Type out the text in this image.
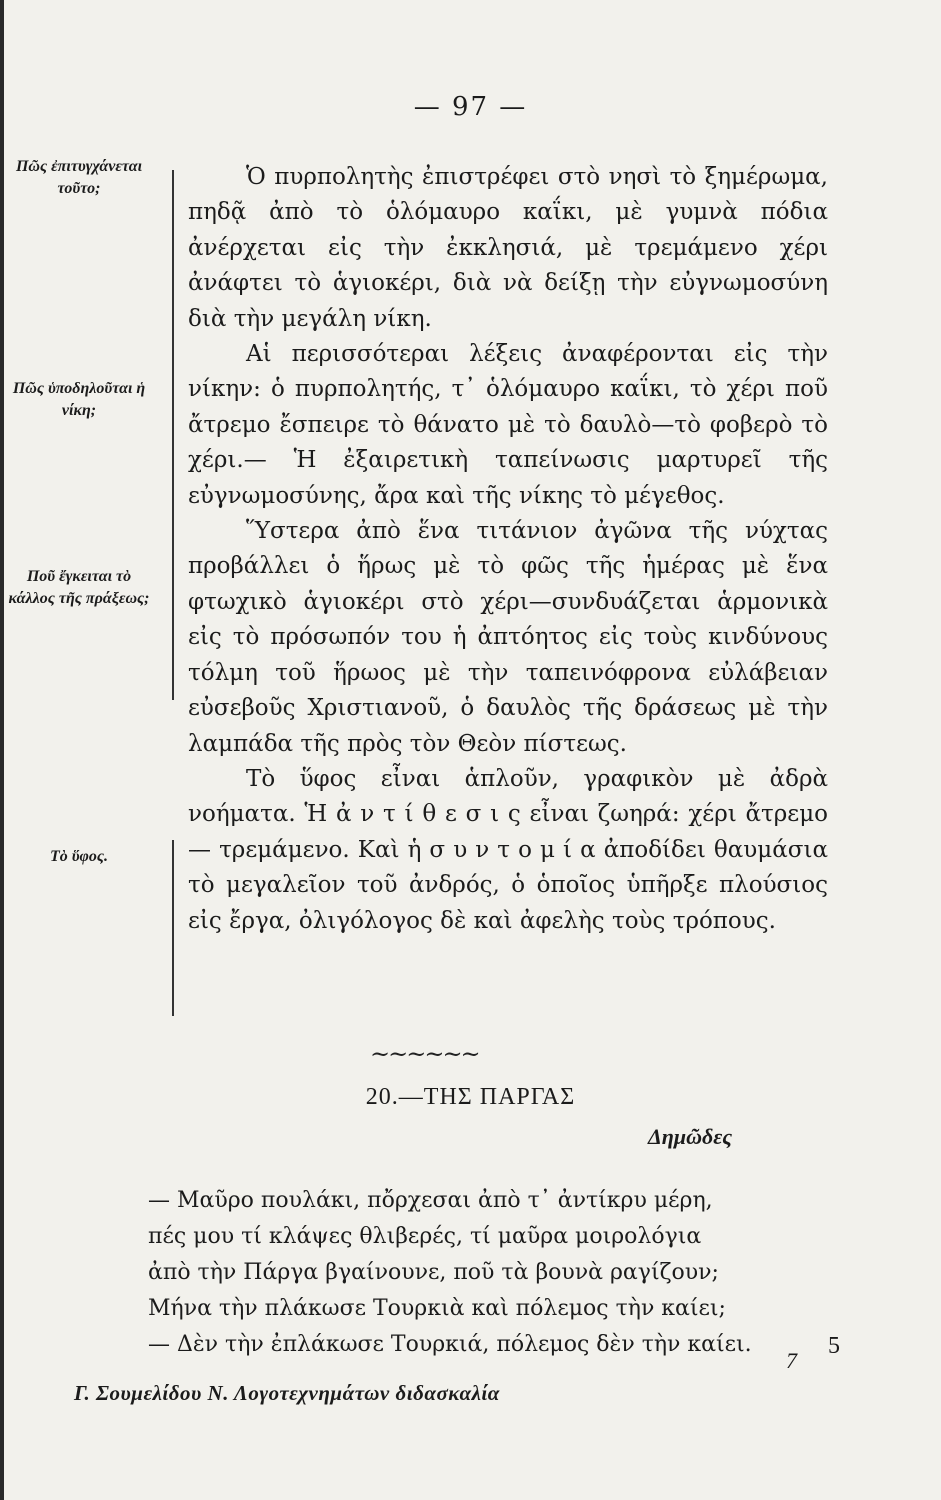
— 97 —
Πῶς ἐπιτυγχάνεται τοῦτο;
Πῶς ὑποδηλοῦται ἡ νίκη;
Ποῦ ἔγκειται τὸ κάλλος τῆς πράξεως;
Τὸ ὕφος.

Ὁ πυρπολητὴς ἐπιστρέφει στὸ νησὶ τὸ ξημέρωμα, πηδᾷ ἀπὸ τὸ ὁλόμαυρο καΐκι, μὲ γυμνὰ πόδια ἀνέρχεται εἰς τὴν ἐκκλησιά, μὲ τρεμάμενο χέρι ἀνάφτει τὸ ἁγιοκέρι, διὰ νὰ δείξῃ τὴν εὐγνωμοσύνη διὰ τὴν μεγάλη νίκη.

Αἱ περισσότεραι λέξεις ἀναφέρονται εἰς τὴν νίκην: ὁ πυρπολητής, τ᾿ ὁλόμαυρο καΐκι, τὸ χέρι ποῦ ἄτρεμο ἔσπειρε τὸ θάνατο μὲ τὸ δαυλὸ—τὸ φοβερὸ τὸ χέρι.— Ἡ ἐξαιρετικὴ ταπείνωσις μαρτυρεῖ τῆς εὐγνωμοσύνης, ἄρα καὶ τῆς νίκης τὸ μέγεθος.

Ὕστερα ἀπὸ ἕνα τιτάνιον ἀγῶνα τῆς νύχτας προβάλλει ὁ ἥρως μὲ τὸ φῶς τῆς ἡμέρας μὲ ἕνα φτωχικὸ ἁγιοκέρι στὸ χέρι—συνδυάζεται ἁρμονικὰ εἰς τὸ πρόσωπόν του ἡ ἀπτόητος εἰς τοὺς κινδύνους τόλμη τοῦ ἥρωος μὲ τὴν ταπεινόφρονα εὐλάβειαν εὐσεβοῦς Χριστιανοῦ, ὁ δαυλὸς τῆς δράσεως μὲ τὴν λαμπάδα τῆς πρὸς τὸν Θεὸν πίστεως.

Τὸ ὕφος εἶναι ἁπλοῦν, γραφικὸν μὲ ἀδρὰ νοήματα. Ἡ ἀ ν τ ί θ ε σ ι ς εἶναι ζωηρά: χέρι ἄτρεμο — τρεμάμενο. Καὶ ἡ σ υ ν τ ο μ ί α ἀποδίδει θαυμάσια τὸ μεγαλεῖον τοῦ ἀνδρός, ὁ ὁποῖος ὑπῆρξε πλούσιος εἰς ἔργα, ὀλιγόλογος δὲ καὶ ἀφελὴς τοὺς τρόπους.

~~~~~~
20.—ΤΗΣ ΠΑΡΓΑΣ
Δημῶδες
— Μαῦρο πουλάκι, πὄρχεσαι ἀπὸ τ᾿ ἀντίκρυ μέρη,
πές μου τί κλάψες θλιβερές, τί μαῦρα μοιρολόγια
ἀπὸ τὴν Πάργα βγαίνουνε, ποῦ τὰ βουνὰ ραγίζουν;
Μήνα τὴν πλάκωσε Τουρκιὰ καὶ πόλεμος τὴν καίει;
— Δὲν τὴν ἐπλάκωσε Τουρκιά, πόλεμος δὲν τὴν καίει.	5
7
Γ. Σουμελίδου Ν. Λογοτεχνημάτων διδασκαλία
